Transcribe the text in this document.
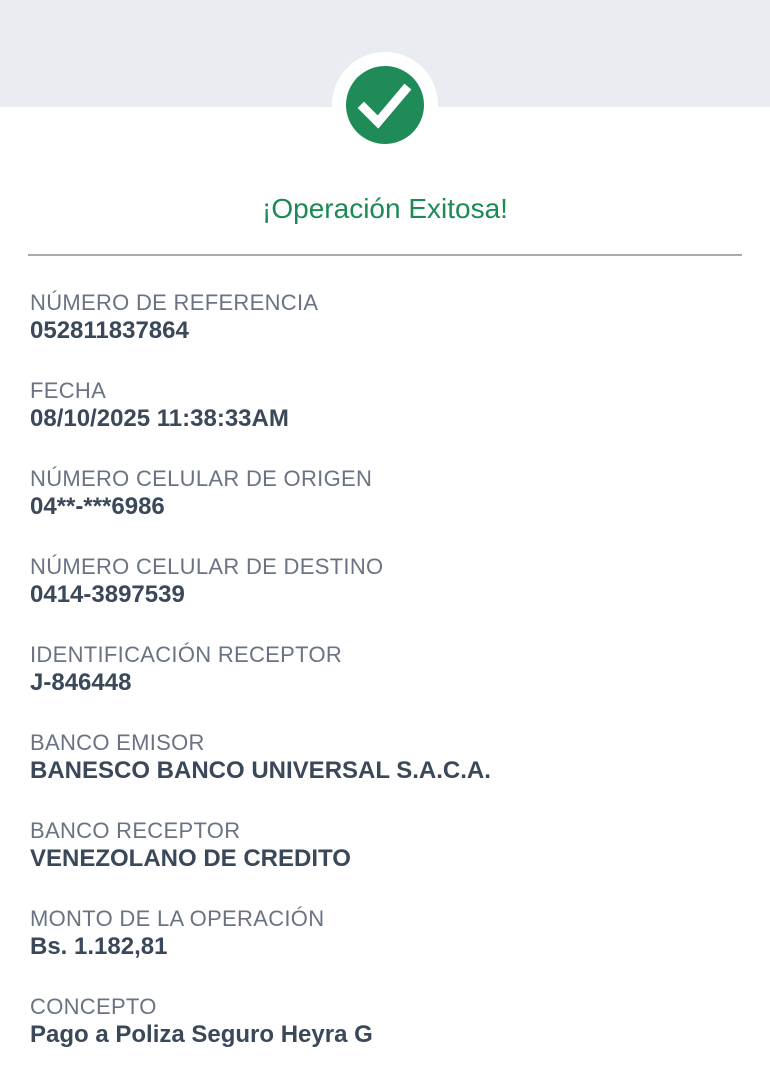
¡Operación Exitosa!
NÚMERO DE REFERENCIA
052811837864
FECHA
08/10/2025 11:38:33AM
NÚMERO CELULAR DE ORIGEN
04**-***6986
NÚMERO CELULAR DE DESTINO
0414-3897539
IDENTIFICACIÓN RECEPTOR
J-846448
BANCO EMISOR
BANESCO BANCO UNIVERSAL S.A.C.A.
BANCO RECEPTOR
VENEZOLANO DE CREDITO
MONTO DE LA OPERACIÓN
Bs. 1.182,81
CONCEPTO
Pago a Poliza Seguro Heyra G
